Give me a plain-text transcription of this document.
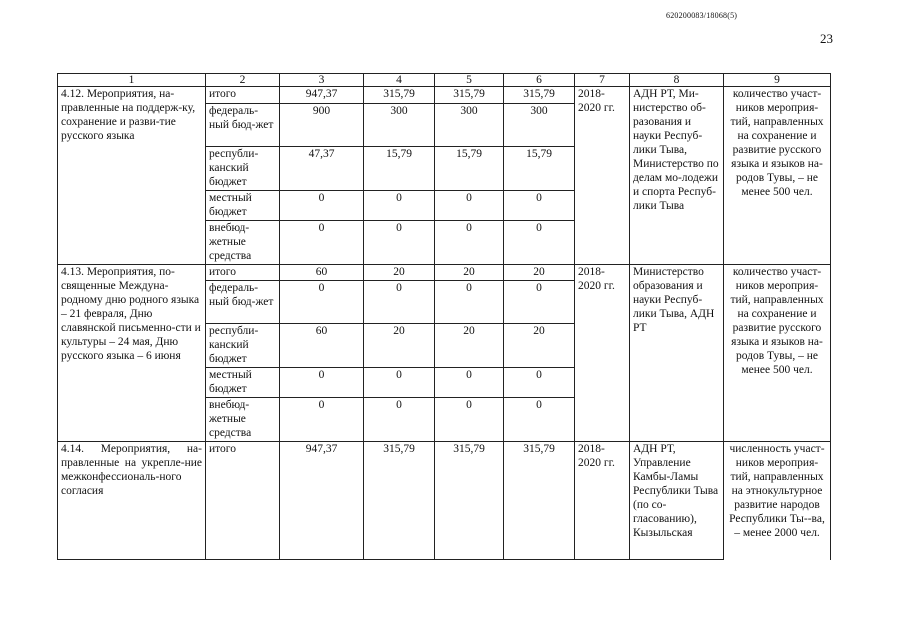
620200083/18068(5)
23
1	2	3	4	5	6	7	8	9
4.12. Мероприятия, на-правленные на поддерж-ку, сохранение и разви-тие русского языка	итого	947,37	315,79	315,79	315,79	2018-2020 гг.	АДН РТ, Ми-нистерство об-разования и науки Респуб-лики Тыва, Министерство по делам мо-лодежи и спорта Респуб-лики Тыва	количество участ-ников мероприя-тий, направленных на сохранение и развитие русского языка и языков на-родов Тувы, – не менее 500 чел.
	федераль-ный бюд-жет	900	300	300	300			
	республи-канский бюджет	47,37	15,79	15,79	15,79			
	местный бюджет	0	0	0	0			
	внебюд-жетные средства	0	0	0	0			
4.13. Мероприятия, по-священные Междуна-родному дню родного языка – 21 февраля, Дню славянской письменно-сти и культуры – 24 мая, Дню русского языка – 6 июня	итого	60	20	20	20	2018-2020 гг.	Министерство образования и науки Респуб-лики Тыва, АДН РТ	количество участ-ников мероприя-тий, направленных на сохранение и развитие русского языка и языков на-родов Тувы, – не менее 500 чел.
	федераль-ный бюд-жет	0	0	0	0			
	республи-канский бюджет	60	20	20	20			
	местный бюджет	0	0	0	0			
	внебюд-жетные средства	0	0	0	0			
4.14. Мероприятия, на-правленные на укрепле-ние межконфессиональ-ного согласия	итого	947,37	315,79	315,79	315,79	2018-2020 гг.	АДН РТ, Управление Камбы-Ламы Республики Тыва (по со-гласованию), Кызыльская	численность участ-ников мероприя-тий, направленных на этнокультурное развитие народов Республики Ты--ва, – менее 2000 чел.
